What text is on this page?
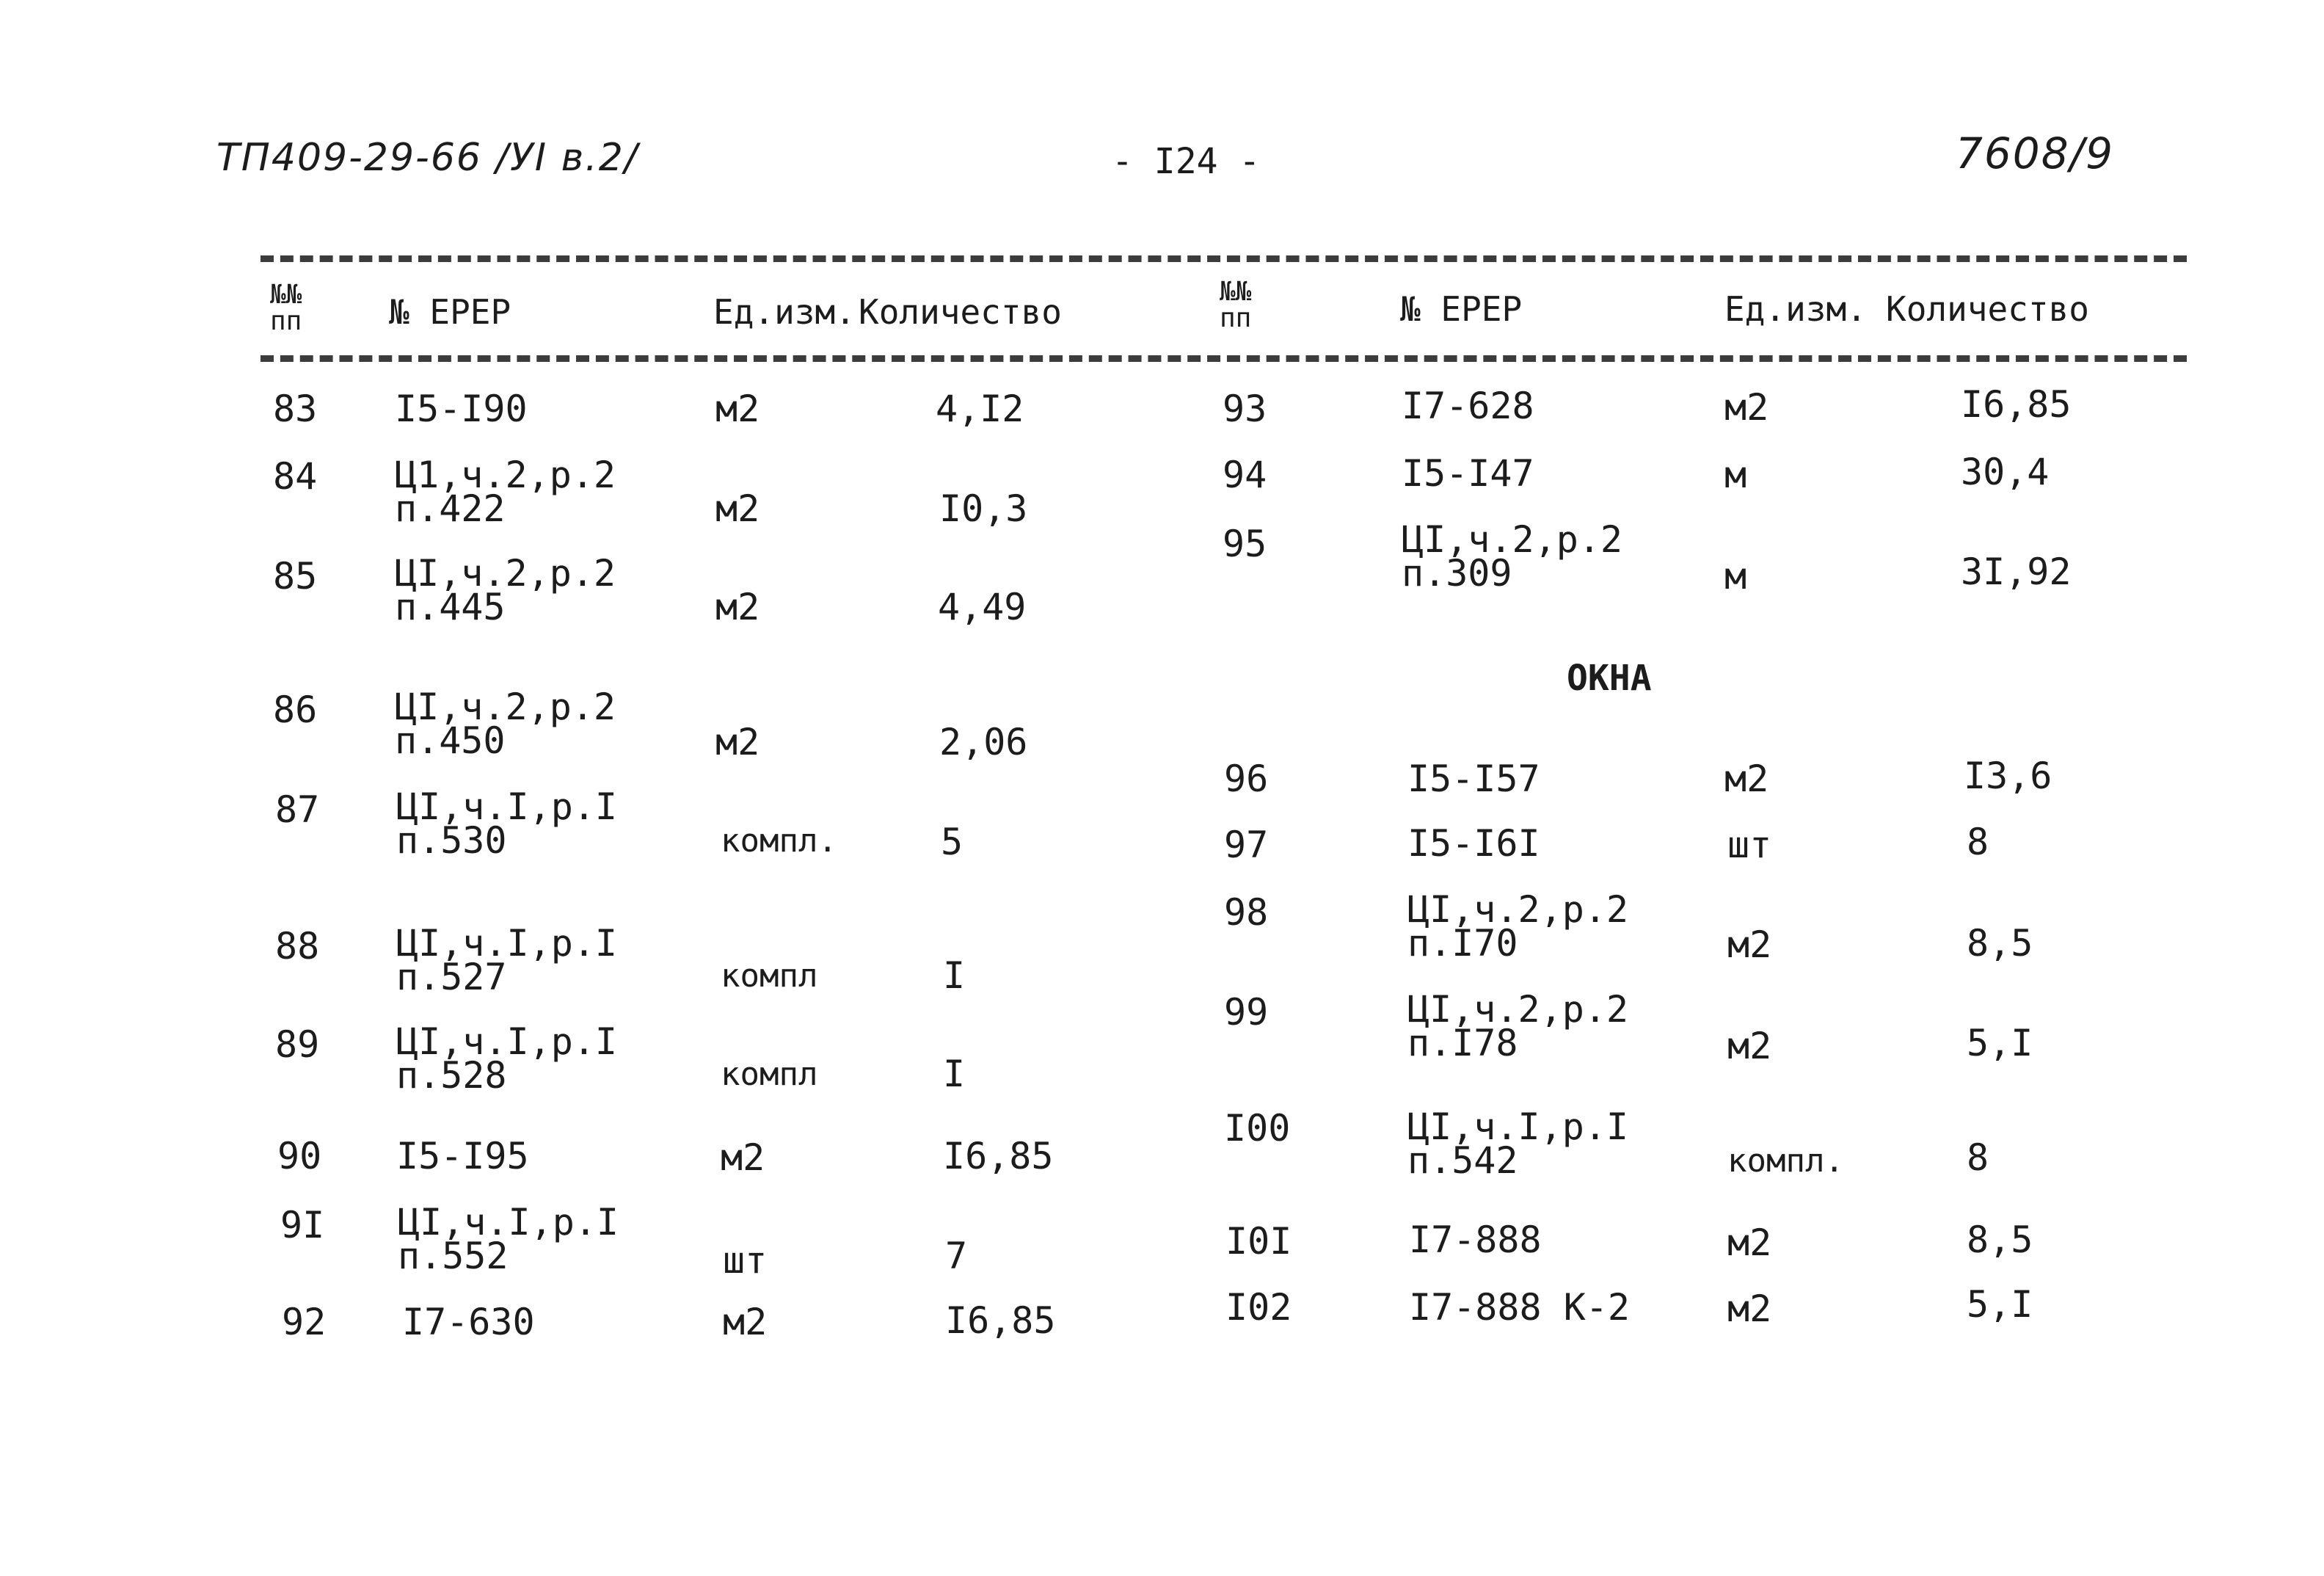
ТП409-29-66 /УI в.2/	- I24 -	7608/9
№№
пп	№ ЕРЕР	Ед.изм. Количество
№№
пп	№ ЕРЕР	Ед.изм. Количество
83 I5-I90	м2	4,I2
84 Ц1,ч.2,р.2
п.422	м2	I0,3
85 ЦI,ч.2,р.2
п.445	м2	4,49
86 ЦI,ч.2,р.2
п.450	м2	2,06
87 ЦI,ч.I,р.I
п.530	компл.	5
88 ЦI,ч.I,р.I
п.527	компл	I
89 ЦI,ч.I,р.I
п.528	компл	I
90 I5-I95	м2	I6,85
9I ЦI,ч.I,р.I
п.552	шт	7
92 I7-630	м2	I6,85
93	I7-628	м2	I6,85
94	I5-I47	м	30,4
95	ЦI,ч.2,р.2
п.309	м	3I,92
ОКНА
96	I5-I57	м2	I3,6
97	I5-I6I	шт	8
98	ЦI,ч.2,р.2
п.I70	м2	8,5
99	ЦI,ч.2,р.2
п.I78	м2	5,I
I00	ЦI,ч.I,р.I
п.542	компл.	8
I0I	I7-888	м2	8,5
I02	I7-888 К-2	м2	5,I
